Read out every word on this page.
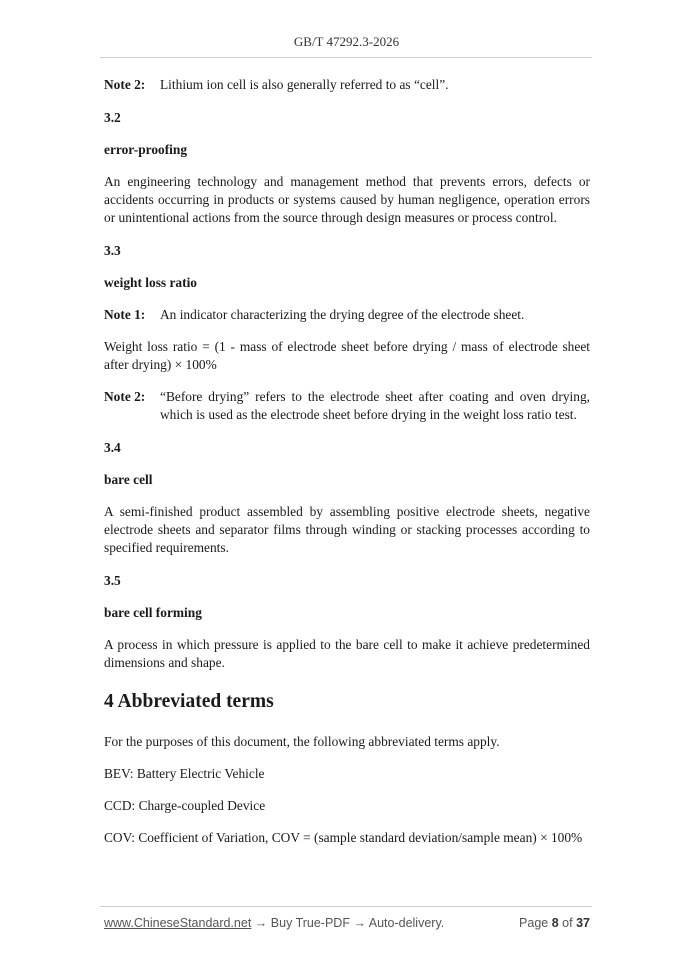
GB/T 47292.3-2026
Note 2:	Lithium ion cell is also generally referred to as “cell”.
3.2
error-proofing

An engineering technology and management method that prevents errors, defects or accidents occurring in products or systems caused by human negligence, operation errors or unintentional actions from the source through design measures or process control.

3.3
weight loss ratio
Note 1:	An indicator characterizing the drying degree of the electrode sheet.

Weight loss ratio = (1 - mass of electrode sheet before drying / mass of electrode sheet after drying) × 100%

Note 2:	“Before drying” refers to the electrode sheet after coating and oven drying, which is used as the electrode sheet before drying in the weight loss ratio test.
3.4
bare cell

A semi-finished product assembled by assembling positive electrode sheets, negative electrode sheets and separator films through winding or stacking processes according to specified requirements.

3.5
bare cell forming

A process in which pressure is applied to the bare cell to make it achieve predetermined dimensions and shape.

4 Abbreviated terms

For the purposes of this document, the following abbreviated terms apply.

BEV: Battery Electric Vehicle

CCD: Charge-coupled Device

COV: Coefficient of Variation, COV = (sample standard deviation/sample mean) × 100%

www.ChineseStandard.net → Buy True-PDF → Auto-delivery.	Page 8 of 37
